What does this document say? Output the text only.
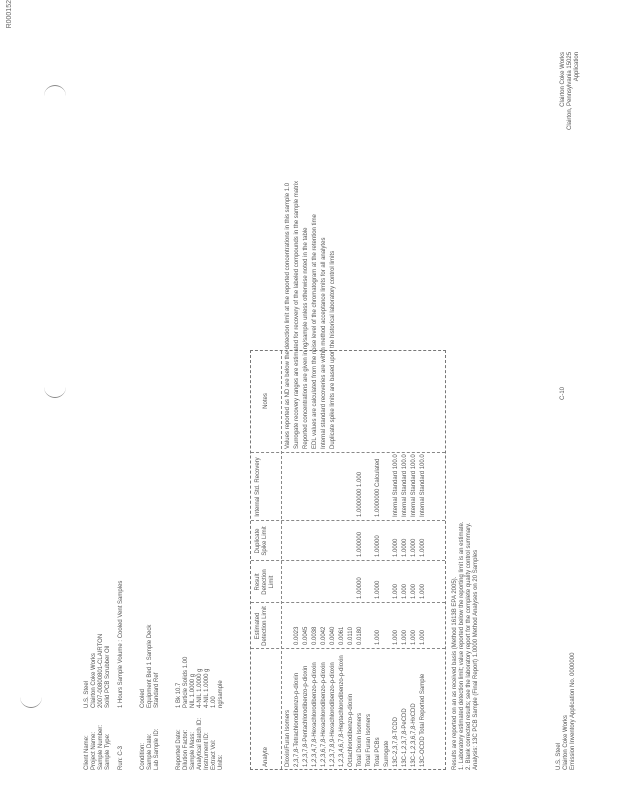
R000152
Client Name:
U.S. Steel
Project Name:
Clairton Coke Works
Sample Number:
2007-00800801-CLAIRTON
Sample Type:
Solid PCB Scrubber Oil
Run: C-3
1 Hours Sample Volume : Cooled Vent Samples
Condition:
Cooled
Sample Date:
Equipment Bed 1 Sample Deck
Lab Sample ID:
Standard Ref
Reported Date:
1 Bk 10.7
Dilution Factor:
Particle Solids 1.00
Sample Mass:
NIL 1.0000 g
Analytical Batch ID:
4-NIL 1.0000 g
Instrument ID:
4-NIL 1.0000 g
Extract Vol:
1.00
Units:
ng/sample
Analyte
Estimated Detection Limit
Result Detection Limit
Duplicate Spike Limit
Internal Std. Recovery
Notes
Dioxin/Furan Isomers
Values reported as ND are below the detection limit at the reported concentrations in this sample 1.0
2,3,7,8-Tetrachlorodibenzo-p-dioxin
0.0023
Surrogate recovery ranges are estimated for recovery of the labeled compounds in the sample matrix
1,2,3,7,8-Pentachlorodibenzo-p-dioxin
0.0045
Reported concentrations are given in ng/sample unless otherwise noted in the table
1,2,3,4,7,8-Hexachlorodibenzo-p-dioxin
0.0038
EDL values are calculated from the noise level of the chromatogram at the retention time
1,2,3,6,7,8-Hexachlorodibenzo-p-dioxin
0.0042
Internal standard recoveries are within method acceptance limits for all analytes
1,2,3,7,8,9-Hexachlorodibenzo-p-dioxin
0.0040
Duplicate spike limits are based upon the historical laboratory control limits
1,2,3,4,6,7,8-Heptachlorodibenzo-p-dioxin
0.0061
Octachlorodibenzo-p-dioxin
0.0110
Total Dioxin Isomers
0.0180
1.00000
1.000000
1.0000000 1.000
Total Furan Isomers Total PCBs
1.000
1.0000
1.00000
1.0000000 Calculated
Surrogate 13C-2,3,7,8-TCDD
1.000
1.000
1.0000
Internal Standard 100.0
13C-1,2,3,7,8-PeCDD
1.000
1.000
1.0000
Internal Standard 100.0
13C-1,2,3,6,7,8-HxCDD
1.000
1.000
1.0000
Internal Standard 100.0
13C-OCDD Total Reported Sample
1.000
1.000
1.0000
Internal Standard 100.0
Results are reported on an as received basis (Method 1613B EPA 2005). 1. Laboratory estimated detection limit; value reported below the reporting limit is an estimate. 2. Blank corrected results; see the laboratory report for the complete quality control summary. Analysis: 13C PCB Sample (Final Report) 1.0000 Method Analyses on 20 Samples	U.S. Steel Clairton Coke Works Emission Inventory Application No. 0000000
C-10
Clairton Coke Works Clairton, Pennsylvania 15025 Application
